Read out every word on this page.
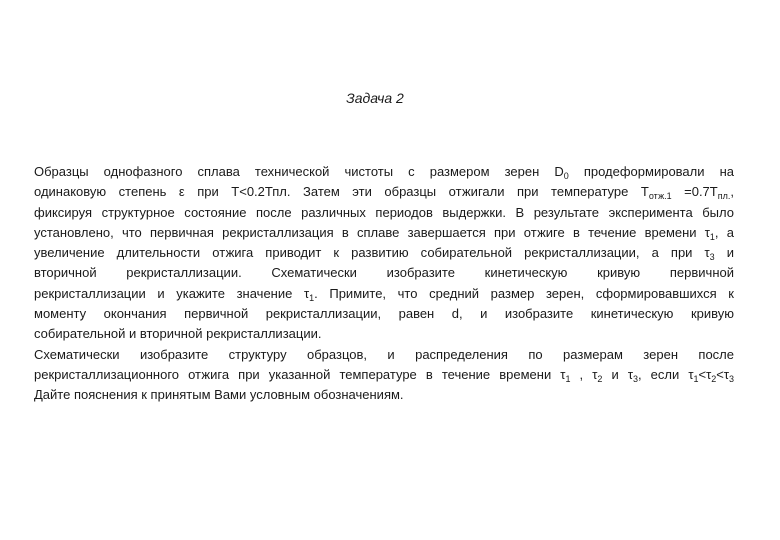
Задача 2
Образцы  однофазного  сплава  технической  чистоты  с  размером  зерен  $D_0$  продеформировали  на
одинаковую  степень  ε  при  T<0.2Тпл.  Затем  эти  образцы  отжигали  при  температуре  $Т_{отж.1} =0.7Т_{пл.}$,
фиксируя структурное состояние после различных периодов выдержки. В результате эксперимента было
установлено, что первичная рекристаллизация в сплаве завершается при отжиге в течение времени $\tau_1$, а
увеличение длительности отжига приводит к развитию собирательной рекристаллизации, а при $\tau_3$ и
вторичной  рекристаллизации.  Схематически  изобразите  кинетическую  кривую  первичной
рекристаллизации и укажите значение $\tau_1$. Примите, что средний размер зерен, сформировавшихся к
моменту  окончания  первичной  рекристаллизации,  равен  d,  и  изобразите  кинетическую  кривую
собирательной и вторичной рекристаллизации.
Схематически  изобразите  структуру  образцов,  и  распределения  по  размерам  зерен  после
рекристаллизационного отжига при указанной температуре в течение времени $\tau_1$ , $\tau_2$ и $\tau_3$, если $\tau_1<\tau_2<\tau_3$
Дайте пояснения к принятым Вами условным обозначениям.
